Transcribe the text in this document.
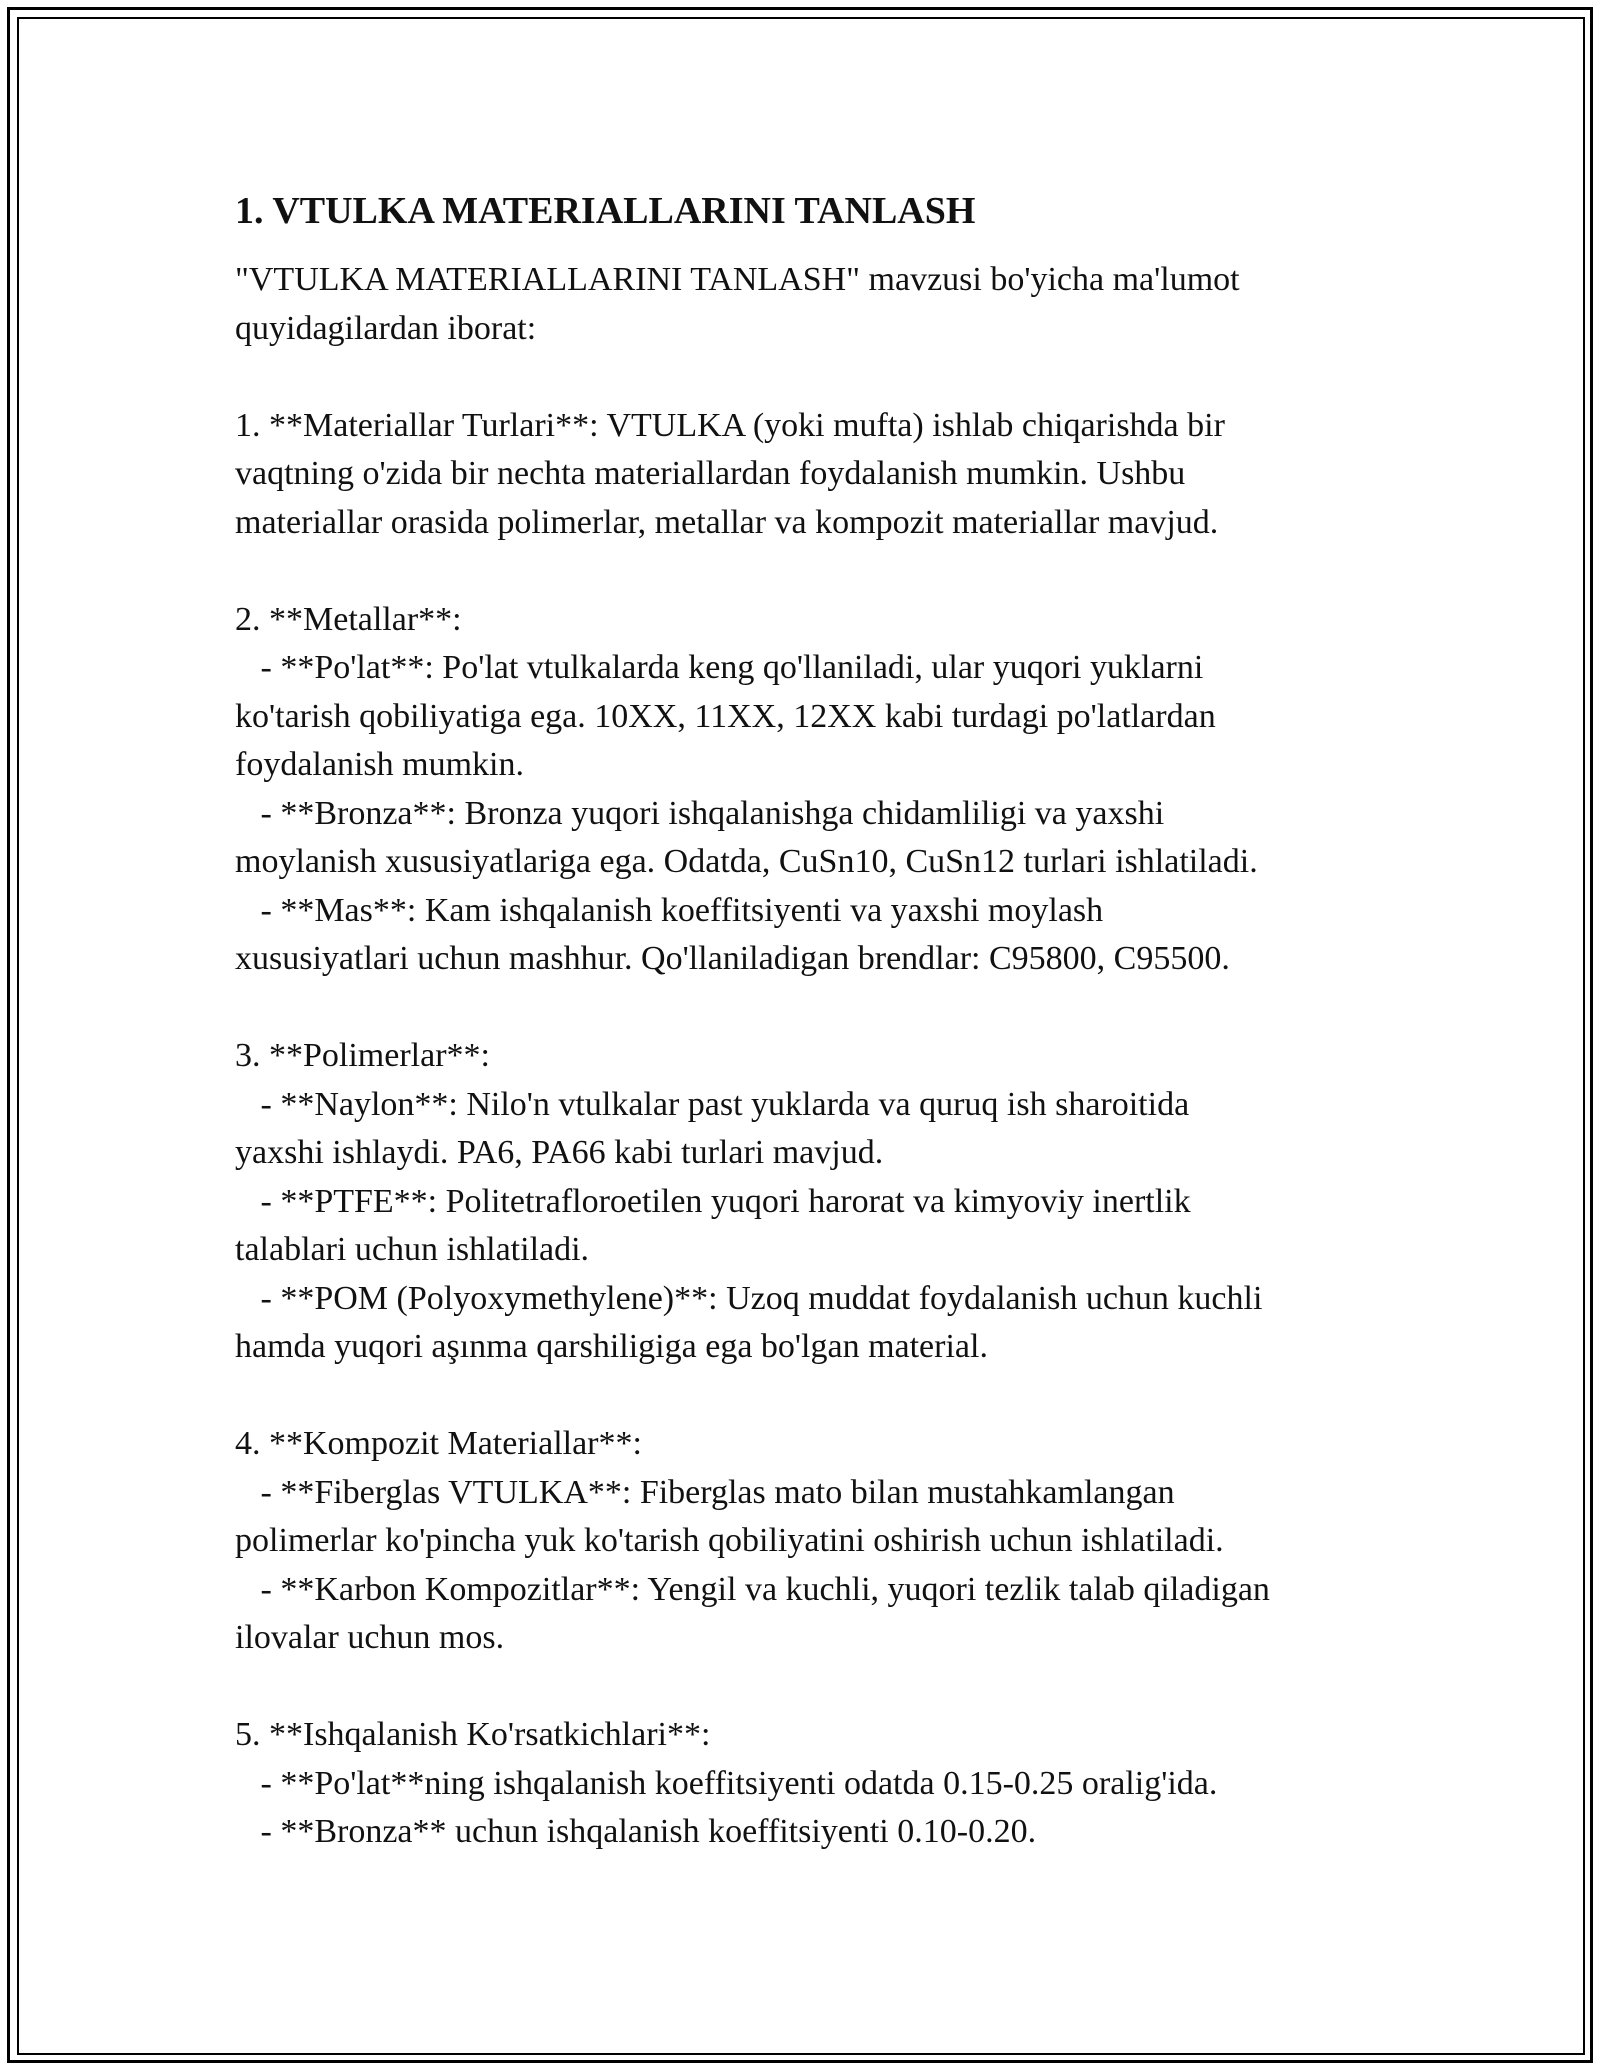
1. VTULKA MATERIALLARINI TANLASH

"VTULKA MATERIALLARINI TANLASH" mavzusi bo'yicha ma'lumot
quyidagilardan iborat:

1. **Materiallar Turlari**: VTULKA (yoki mufta) ishlab chiqarishda bir
vaqtning o'zida bir nechta materiallardan foydalanish mumkin. Ushbu
materiallar orasida polimerlar, metallar va kompozit materiallar mavjud.

2. **Metallar**:
- **Po'lat**: Po'lat vtulkalarda keng qo'llaniladi, ular yuqori yuklarni
ko'tarish qobiliyatiga ega. 10XX, 11XX, 12XX kabi turdagi po'latlardan
foydalanish mumkin.
- **Bronza**: Bronza yuqori ishqalanishga chidamliligi va yaxshi
moylanish xususiyatlariga ega. Odatda, CuSn10, CuSn12 turlari ishlatiladi.
- **Mas**: Kam ishqalanish koeffitsiyenti va yaxshi moylash
xususiyatlari uchun mashhur. Qo'llaniladigan brendlar: C95800, C95500.

3. **Polimerlar**:
- **Naylon**: Nilo'n vtulkalar past yuklarda va quruq ish sharoitida
yaxshi ishlaydi. PA6, PA66 kabi turlari mavjud.
- **PTFE**: Politetrafloroetilen yuqori harorat va kimyoviy inertlik
talablari uchun ishlatiladi.
- **POM (Polyoxymethylene)**: Uzoq muddat foydalanish uchun kuchli
hamda yuqori aşınma qarshiligiga ega bo'lgan material.

4. **Kompozit Materiallar**:
- **Fiberglas VTULKA**: Fiberglas mato bilan mustahkamlangan
polimerlar ko'pincha yuk ko'tarish qobiliyatini oshirish uchun ishlatiladi.
- **Karbon Kompozitlar**: Yengil va kuchli, yuqori tezlik talab qiladigan
ilovalar uchun mos.

5. **Ishqalanish Ko'rsatkichlari**:
- **Po'lat**ning ishqalanish koeffitsiyenti odatda 0.15-0.25 oralig'ida.
- **Bronza** uchun ishqalanish koeffitsiyenti 0.10-0.20.
